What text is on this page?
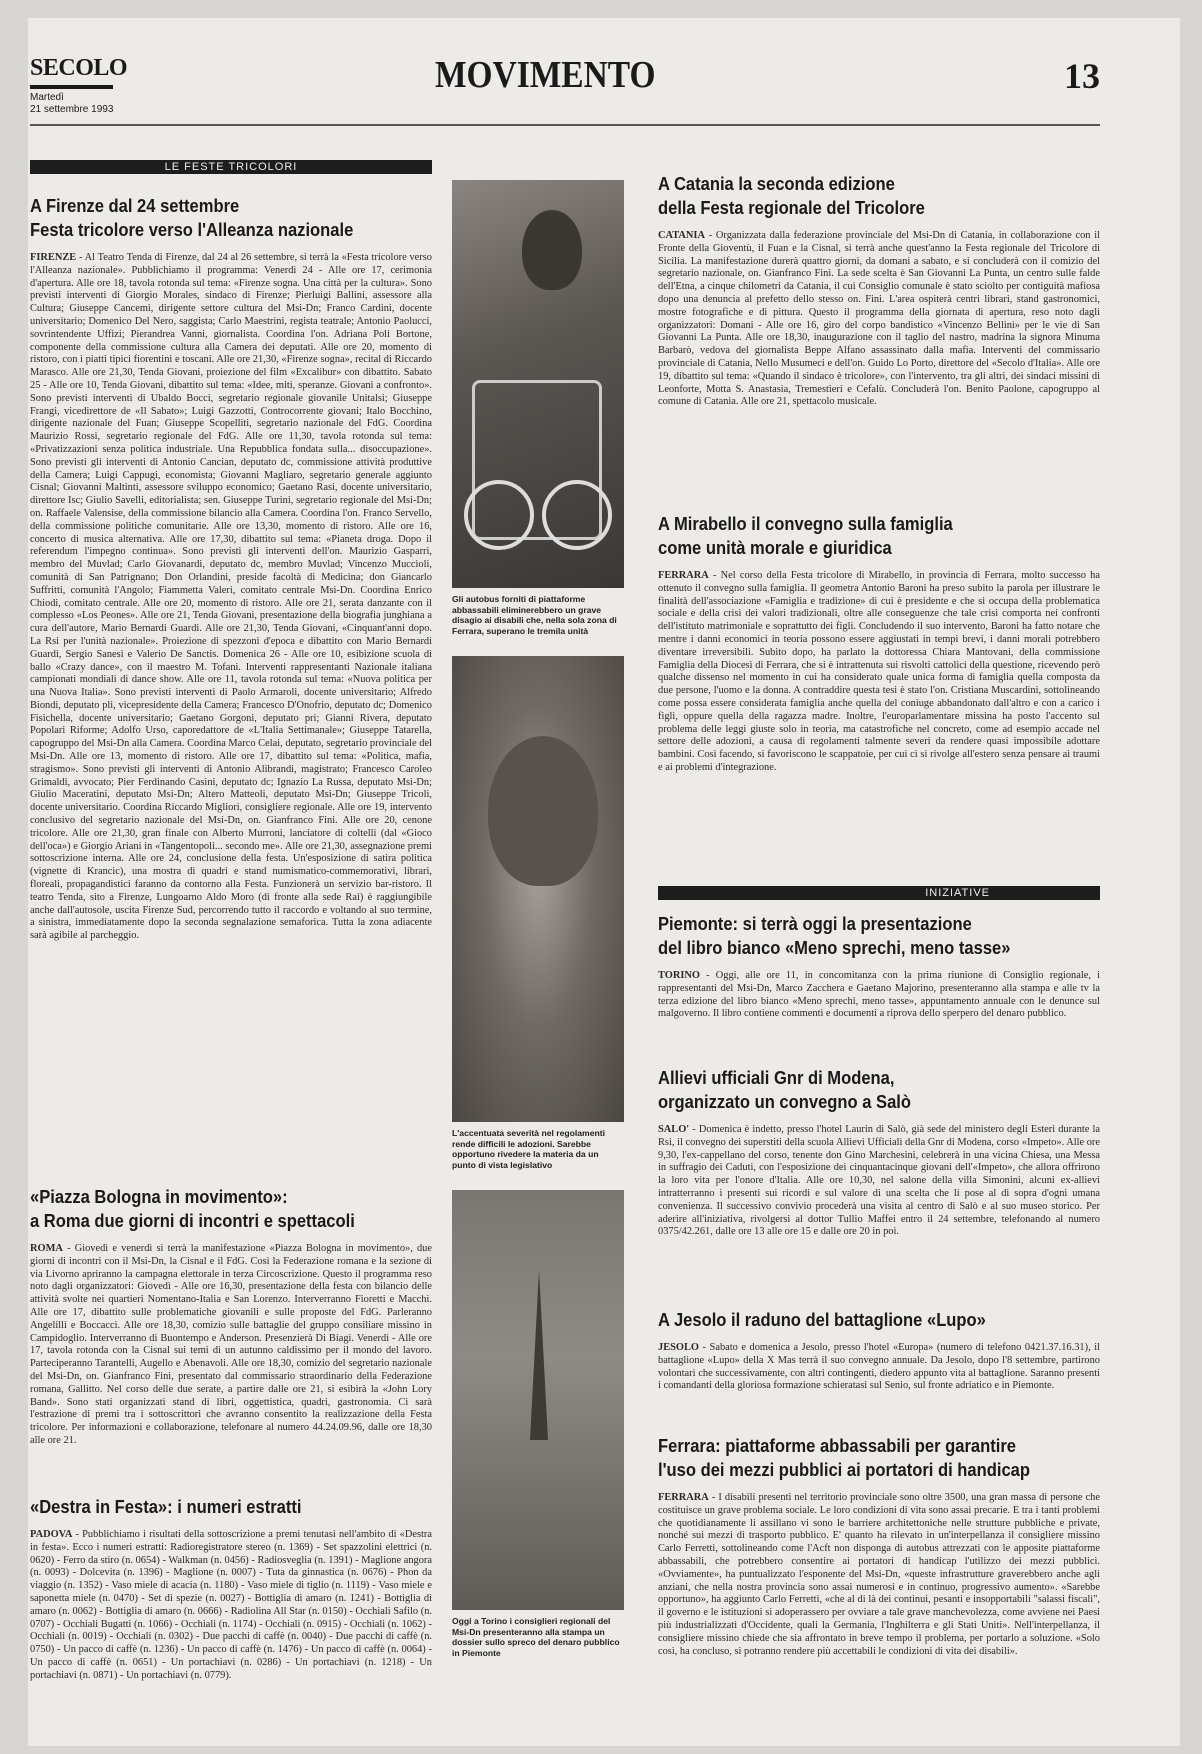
SECOLO
Martedì
21 settembre 1993
MOVIMENTO	13
LE FESTE TRICOLORI
A Firenze dal 24 settembre
Festa tricolore verso l'Alleanza nazionale

FIRENZE - Al Teatro Tenda di Firenze, dal 24 al 26 settembre, si terrà la «Festa tricolore verso l'Alleanza nazionale». Pubblichiamo il programma: Venerdì 24 - Alle ore 17, cerimonia d'apertura. Alle ore 18, tavola rotonda sul tema: «Firenze sogna. Una città per la cultura». Sono previsti interventi di Giorgio Morales, sindaco di Firenze; Pierluigi Ballini, assessore alla Cultura; Giuseppe Cancemi, dirigente settore cultura del Msi-Dn; Franco Cardini, docente universitario; Domenico Del Nero, saggista; Carlo Maestrini, regista teatrale; Antonio Paolucci, sovrintendente Uffizi; Pierandrea Vanni, giornalista. Coordina l'on. Adriana Poli Bortone, componente della commissione cultura alla Camera dei deputati. Alle ore 20, momento di ristoro, con i piatti tipici fiorentini e toscani. Alle ore 21,30, «Firenze sogna», recital di Riccardo Marasco. Alle ore 21,30, Tenda Giovani, proiezione del film «Excalibur» con dibattito. Sabato 25 - Alle ore 10, Tenda Giovani, dibattito sul tema: «Idee, miti, speranze. Giovani a confronto». Sono previsti interventi di Ubaldo Bocci, segretario regionale giovanile Unitalsi; Giuseppe Frangi, vicedirettore de «Il Sabato»; Luigi Gazzotti, Controcorrente giovani; Italo Bocchino, dirigente nazionale del Fuan; Giuseppe Scopelliti, segretario nazionale del FdG. Coordina Maurizio Rossi, segretario regionale del FdG. Alle ore 11,30, tavola rotonda sul tema: «Privatizzazioni senza politica industriale. Una Repubblica fondata sulla... disoccupazione». Sono previsti gli interventi di Antonio Cancian, deputato dc, commissione attività produttive della Camera; Luigi Cappugi, economista; Giovanni Magliaro, segretario generale aggiunto Cisnal; Giovanni Maltinti, assessore sviluppo economico; Gaetano Rasi, docente universitario, direttore Isc; Giulio Savelli, editorialista; sen. Giuseppe Turini, segretario regionale del Msi-Dn; on. Raffaele Valensise, della commissione bilancio alla Camera. Coordina l'on. Franco Servello, della commissione politiche comunitarie. Alle ore 13,30, momento di ristoro. Alle ore 16, concerto di musica alternativa. Alle ore 17,30, dibattito sul tema: «Pianeta droga. Dopo il referendum l'impegno continua». Sono previsti gli interventi dell'on. Maurizio Gasparri, membro del Muvlad; Carlo Giovanardi, deputato dc, membro Muvlad; Vincenzo Muccioli, comunità di San Patrignano; Don Orlandini, preside facoltà di Medicina; don Giancarlo Suffritti, comunità l'Angolo; Fiammetta Valeri, comitato centrale Msi-Dn. Coordina Enrico Chiodi, comitato centrale. Alle ore 20, momento di ristoro. Alle ore 21, serata danzante con il complesso «Los Peones». Alle ore 21, Tenda Giovani, presentazione della biografia junghiana a cura dell'autore, Mario Bernardi Guardi. Alle ore 21,30, Tenda Giovani, «Cinquant'anni dopo. La Rsi per l'unità nazionale». Proiezione di spezzoni d'epoca e dibattito con Mario Bernardi Guardi, Sergio Sanesi e Valerio De Sanctis. Domenica 26 - Alle ore 10, esibizione scuola di ballo «Crazy dance», con il maestro M. Tofani. Interventi rappresentanti Nazionale italiana campionati mondiali di dance show. Alle ore 11, tavola rotonda sul tema: «Nuova politica per una Nuova Italia». Sono previsti interventi di Paolo Armaroli, docente universitario; Alfredo Biondi, deputato pli, vicepresidente della Camera; Francesco D'Onofrio, deputato dc; Domenico Fisichella, docente universitario; Gaetano Gorgoni, deputato pri; Gianni Rivera, deputato Popolari Riforme; Adolfo Urso, caporedattore de «L'Italia Settimanale»; Giuseppe Tatarella, capogruppo del Msi-Dn alla Camera. Coordina Marco Celai, deputato, segretario provinciale del Msi-Dn. Alle ore 13, momento di ristoro. Alle ore 17, dibattito sul tema: «Politica, mafia, stragismo». Sono previsti gli interventi di Antonio Alibrandi, magistrato; Francesco Caroleo Grimaldi, avvocato; Pier Ferdinando Casini, deputato dc; Ignazio La Russa, deputato Msi-Dn; Giulio Maceratini, deputato Msi-Dn; Altero Matteoli, deputato Msi-Dn; Giuseppe Tricoli, docente universitario. Coordina Riccardo Migliori, consigliere regionale. Alle ore 19, intervento conclusivo del segretario nazionale del Msi-Dn, on. Gianfranco Fini. Alle ore 20, cenone tricolore. Alle ore 21,30, gran finale con Alberto Murroni, lanciatore di coltelli (dal «Gioco dell'oca») e Giorgio Ariani in «Tangentopoli... secondo me». Alle ore 21,30, assegnazione premi sottoscrizione interna. Alle ore 24, conclusione della festa. Un'esposizione di satira politica (vignette di Krancic), una mostra di quadri e stand numismatico-commemorativi, librari, floreali, propagandistici faranno da contorno alla Festa. Funzionerà un servizio bar-ristoro. Il teatro Tenda, sito a Firenze, Lungoarno Aldo Moro (di fronte alla sede Rai) è raggiungibile anche dall'autosole, uscita Firenze Sud, percorrendo tutto il raccordo e voltando al suo termine, a sinistra, immediatamente dopo la seconda segnalazione semaforica. Tutta la zona adiacente sarà agibile al parcheggio.

«Piazza Bologna in movimento»:
a Roma due giorni di incontri e spettacoli

ROMA - Giovedì e venerdì si terrà la manifestazione «Piazza Bologna in movimento», due giorni di incontri con il Msi-Dn, la Cisnal e il FdG. Così la Federazione romana e la sezione di via Livorno apriranno la campagna elettorale in terza Circoscrizione. Questo il programma reso noto dagli organizzatori: Giovedì - Alle ore 16,30, presentazione della festa con bilancio delle attività svolte nei quartieri Nomentano-Italia e San Lorenzo. Interverranno Fioretti e Macchi. Alle ore 17, dibattito sulle problematiche giovanili e sulle proposte del FdG. Parleranno Angelilli e Boccacci. Alle ore 18,30, comizio sulle battaglie del gruppo consiliare missino in Campidoglio. Interverranno di Buontempo e Anderson. Presenzierà Di Biagi. Venerdì - Alle ore 17, tavola rotonda con la Cisnal sui temi di un autunno caldissimo per il mondo del lavoro. Parteciperanno Tarantelli, Augello e Abenavoli. Alle ore 18,30, comizio del segretario nazionale del Msi-Dn, on. Gianfranco Fini, presentato dal commissario straordinario della Federazione romana, Gallitto. Nel corso delle due serate, a partire dalle ore 21, si esibirà la «John Lory Band». Sono stati organizzati stand di libri, oggettistica, quadri, gastronomia. Ci sarà l'estrazione di premi tra i sottoscrittori che avranno consentito la realizzazione della Festa tricolore. Per informazioni e collaborazione, telefonare al numero 44.24.09.96, dalle ore 18,30 alle ore 21.

«Destra in Festa»: i numeri estratti

PADOVA - Pubblichiamo i risultati della sottoscrizione a premi tenutasi nell'ambito di «Destra in festa». Ecco i numeri estratti: Radioregistratore stereo (n. 1369) - Set spazzolini elettrici (n. 0620) - Ferro da stiro (n. 0654) - Walkman (n. 0456) - Radiosveglia (n. 1391) - Maglione angora (n. 0093) - Dolcevita (n. 1396) - Maglione (n. 0007) - Tuta da ginnastica (n. 0676) - Phon da viaggio (n. 1352) - Vaso miele di acacia (n. 1180) - Vaso miele di tiglio (n. 1119) - Vaso miele e saponetta miele (n. 0470) - Set di spezie (n. 0027) - Bottiglia di amaro (n. 1241) - Bottiglia di amaro (n. 0062) - Bottiglia di amaro (n. 0666) - Radiolina All Star (n. 0150) - Occhiali Safilo (n. 0707) - Occhiali Bugatti (n. 1066) - Occhiali (n. 1174) - Occhiali (n. 0915) - Occhiali (n. 1062) - Occhiali (n. 0019) - Occhiali (n. 0302) - Due pacchi di caffè (n. 0040) - Due pacchi di caffè (n. 0750) - Un pacco di caffè (n. 1236) - Un pacco di caffè (n. 1476) - Un pacco di caffè (n. 0064) - Un pacco di caffè (n. 0651) - Un portachiavi (n. 0286) - Un portachiavi (n. 1218) - Un portachiavi (n. 0871) - Un portachiavi (n. 0779).

Gli autobus forniti di piattaforme abbassabili eliminerebbero un grave disagio ai disabili che, nella sola zona di Ferrara, superano le tremila unità
L'accentuata severità nel regolamenti rende difficili le adozioni. Sarebbe opportuno rivedere la materia da un punto di vista legislativo
Oggi a Torino i consiglieri regionali del Msi-Dn presenteranno alla stampa un dossier sullo spreco del denaro pubblico in Piemonte
A Catania la seconda edizione
della Festa regionale del Tricolore

CATANIA - Organizzata dalla federazione provinciale del Msi-Dn di Catania, in collaborazione con il Fronte della Gioventù, il Fuan e la Cisnal, si terrà anche quest'anno la Festa regionale del Tricolore di Sicilia. La manifestazione durerà quattro giorni, da domani a sabato, e si concluderà con il comizio del segretario nazionale, on. Gianfranco Fini. La sede scelta è San Giovanni La Punta, un centro sulle falde dell'Etna, a cinque chilometri da Catania, il cui Consiglio comunale è stato sciolto per contiguità mafiosa dopo una denuncia al prefetto dello stesso on. Fini. L'area ospiterà centri librari, stand gastronomici, mostre fotografiche e di pittura. Questo il programma della giornata di apertura, reso noto dagli organizzatori: Domani - Alle ore 16, giro del corpo bandistico «Vincenzo Bellini» per le vie di San Giovanni La Punta. Alle ore 18,30, inaugurazione con il taglio del nastro, madrina la signora Minuma Barbarò, vedova del giornalista Beppe Alfano assassinato dalla mafia. Interventi del commissario provinciale di Catania, Nello Musumeci e dell'on. Guido Lo Porto, direttore del «Secolo d'Italia». Alle ore 19, dibattito sul tema: «Quando il sindaco è tricolore», con l'intervento, tra gli altri, dei sindaci missini di Leonforte, Motta S. Anastasia, Tremestieri e Cefalù. Concluderà l'on. Benito Paolone, capogruppo al comune di Catania. Alle ore 21, spettacolo musicale.

A Mirabello il convegno sulla famiglia
come unità morale e giuridica

FERRARA - Nel corso della Festa tricolore di Mirabello, in provincia di Ferrara, molto successo ha ottenuto il convegno sulla famiglia. Il geometra Antonio Baroni ha preso subito la parola per illustrare le finalità dell'associazione «Famiglia e tradizione» di cui è presidente e che si occupa della problematica sociale e della crisi dei valori tradizionali, oltre alle conseguenze che tale crisi comporta nei confronti dell'istituto matrimoniale e soprattutto dei figli. Concludendo il suo intervento, Baroni ha fatto notare che mentre i danni economici in teoria possono essere aggiustati in tempi brevi, i danni morali potrebbero diventare irreversibili. Subito dopo, ha parlato la dottoressa Chiara Mantovani, della commissione Famiglia della Diocesi di Ferrara, che si è intrattenuta sui risvolti cattolici della questione, ricevendo però qualche dissenso nel momento in cui ha considerato quale unica forma di famiglia quella composta da due persone, l'uomo e la donna. A contraddire questa tesi è stato l'on. Cristiana Muscardini, sottolineando come possa essere considerata famiglia anche quella del coniuge abbandonato dall'altro e con a carico i figli, oppure quella della ragazza madre. Inoltre, l'europarlamentare missina ha posto l'accento sul problema delle leggi giuste solo in teoria, ma catastrofiche nel concreto, come ad esempio accade nel settore delle adozioni, a causa di regolamenti talmente severi da rendere quasi impossibile adottare bambini. Così facendo, si favoriscono le scappatoie, per cui ci si rivolge all'estero senza pensare ai traumi e ai problemi d'integrazione.

INIZIATIVE
Piemonte: si terrà oggi la presentazione
del libro bianco «Meno sprechi, meno tasse»

TORINO - Oggi, alle ore 11, in concomitanza con la prima riunione di Consiglio regionale, i rappresentanti del Msi-Dn, Marco Zacchera e Gaetano Majorino, presenteranno alla stampa e alle tv la terza edizione del libro bianco «Meno sprechi, meno tasse», appuntamento annuale con le denunce sul malgoverno. Il libro contiene commenti e documenti a riprova dello sperpero del denaro pubblico.

Allievi ufficiali Gnr di Modena,
organizzato un convegno a Salò

SALO' - Domenica è indetto, presso l'hotel Laurin di Salò, già sede del ministero degli Esteri durante la Rsi, il convegno dei superstiti della scuola Allievi Ufficiali della Gnr di Modena, corso «Impeto». Alle ore 9,30, l'ex-cappellano del corso, tenente don Gino Marchesini, celebrerà in una vicina Chiesa, una Messa in suffragio dei Caduti, con l'esposizione dei cinquantacinque giovani dell'«Impeto», che allora offrirono la loro vita per l'onore d'Italia. Alle ore 10,30, nel salone della villa Simonini, alcuni ex-allievi intratterranno i presenti sui ricordi e sul valore di una scelta che li pose al di sopra d'ogni umana convenienza. Il successivo convivio procederà una visita al centro di Salò e al suo museo storico. Per aderire all'iniziativa, rivolgersi al dottor Tullio Maffei entro il 24 settembre, telefonando al numero 0375/42.261, dalle ore 13 alle ore 15 e dalle ore 20 in poi.

A Jesolo il raduno del battaglione «Lupo»

JESOLO - Sabato e domenica a Jesolo, presso l'hotel «Europa» (numero di telefono 0421.37.16.31), il battaglione «Lupo» della X Mas terrà il suo convegno annuale. Da Jesolo, dopo l'8 settembre, partirono volontari che successivamente, con altri contingenti, diedero appunto vita al battaglione. Saranno presenti i comandanti della gloriosa formazione schieratasi sul Senio, sul fronte adriatico e in Piemonte.

Ferrara: piattaforme abbassabili per garantire
l'uso dei mezzi pubblici ai portatori di handicap

FERRARA - I disabili presenti nel territorio provinciale sono oltre 3500, una gran massa di persone che costituisce un grave problema sociale. Le loro condizioni di vita sono assai precarie. E tra i tanti problemi che quotidianamente li assillano vi sono le barriere architettoniche nelle strutture pubbliche e private, nonché sui mezzi di trasporto pubblico. E' quanto ha rilevato in un'interpellanza il consigliere missino Carlo Ferretti, sottolineando come l'Acft non disponga di autobus attrezzati con le apposite piattaforme abbassabili, che potrebbero consentire ai portatori di handicap l'utilizzo dei mezzi pubblici. «Ovviamente», ha puntualizzato l'esponente del Msi-Dn, «queste infrastrutture graverebbero anche agli anziani, che nella nostra provincia sono assai numerosi e in continuo, progressivo aumento». «Sarebbe opportuno», ha aggiunto Carlo Ferretti, «che al di là dei continui, pesanti e insopportabili "salassi fiscali", il governo e le istituzioni si adoperassero per ovviare a tale grave manchevolezza, come avviene nei Paesi più industrializzati d'Occidente, quali la Germania, l'Inghilterra e gli Stati Uniti». Nell'interpellanza, il consigliere missino chiede che sia affrontato in breve tempo il problema, per portarlo a soluzione. «Solo così, ha concluso, si potranno rendere più accettabili le condizioni di vita dei disabili».
